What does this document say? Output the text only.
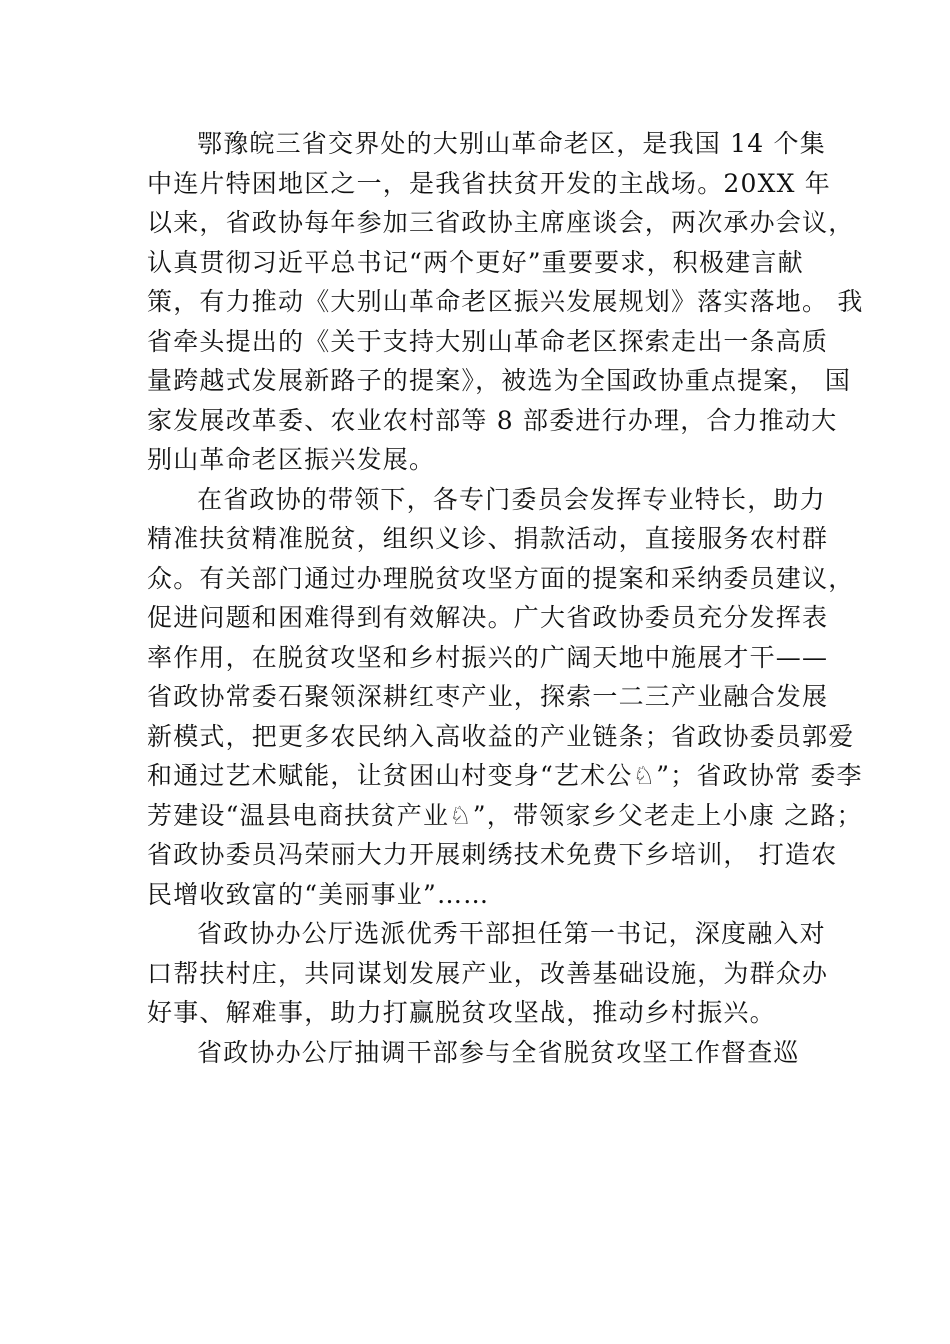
鄂豫皖三省交界处的大别山革命老区，是我国 14 个集
中连片特困地区之一，是我省扶贫开发的主战场。20XX 年
以来，省政协每年参加三省政协主席座谈会，两次承办会议，
认真贯彻习近平总书记“两个更好”重要要求，积极建言献
策，有力推动《大别山革命老区振兴发展规划》落实落地。 我
省牵头提出的《关于支持大别山革命老区探索走出一条高质
量跨越式发展新路子的提案》，被选为全国政协重点提案， 国
家发展改革委、农业农村部等 8 部委进行办理，合力推动大
别山革命老区振兴发展。
在省政协的带领下，各专门委员会发挥专业特长，助力
精准扶贫精准脱贫，组织义诊、捐款活动，直接服务农村群
众。有关部门通过办理脱贫攻坚方面的提案和采纳委员建议，
促进问题和困难得到有效解决。广大省政协委员充分发挥表
率作用，在脱贫攻坚和乡村振兴的广阔天地中施展才干——
省政协常委石聚领深耕红枣产业，探索一二三产业融合发展
新模式，把更多农民纳入高收益的产业链条；省政协委员郭爱
和通过艺术赋能，让贫困山村变身“艺术公♘”；省政协常 委李
芳建设“温县电商扶贫产业♘”，带领家乡父老走上小康 之路；
省政协委员冯荣丽大力开展刺绣技术免费下乡培训， 打造农
民增收致富的“美丽事业”……
省政协办公厅选派优秀干部担任第一书记，深度融入对
口帮扶村庄，共同谋划发展产业，改善基础设施，为群众办
好事、解难事，助力打赢脱贫攻坚战，推动乡村振兴。
省政协办公厅抽调干部参与全省脱贫攻坚工作督查巡
